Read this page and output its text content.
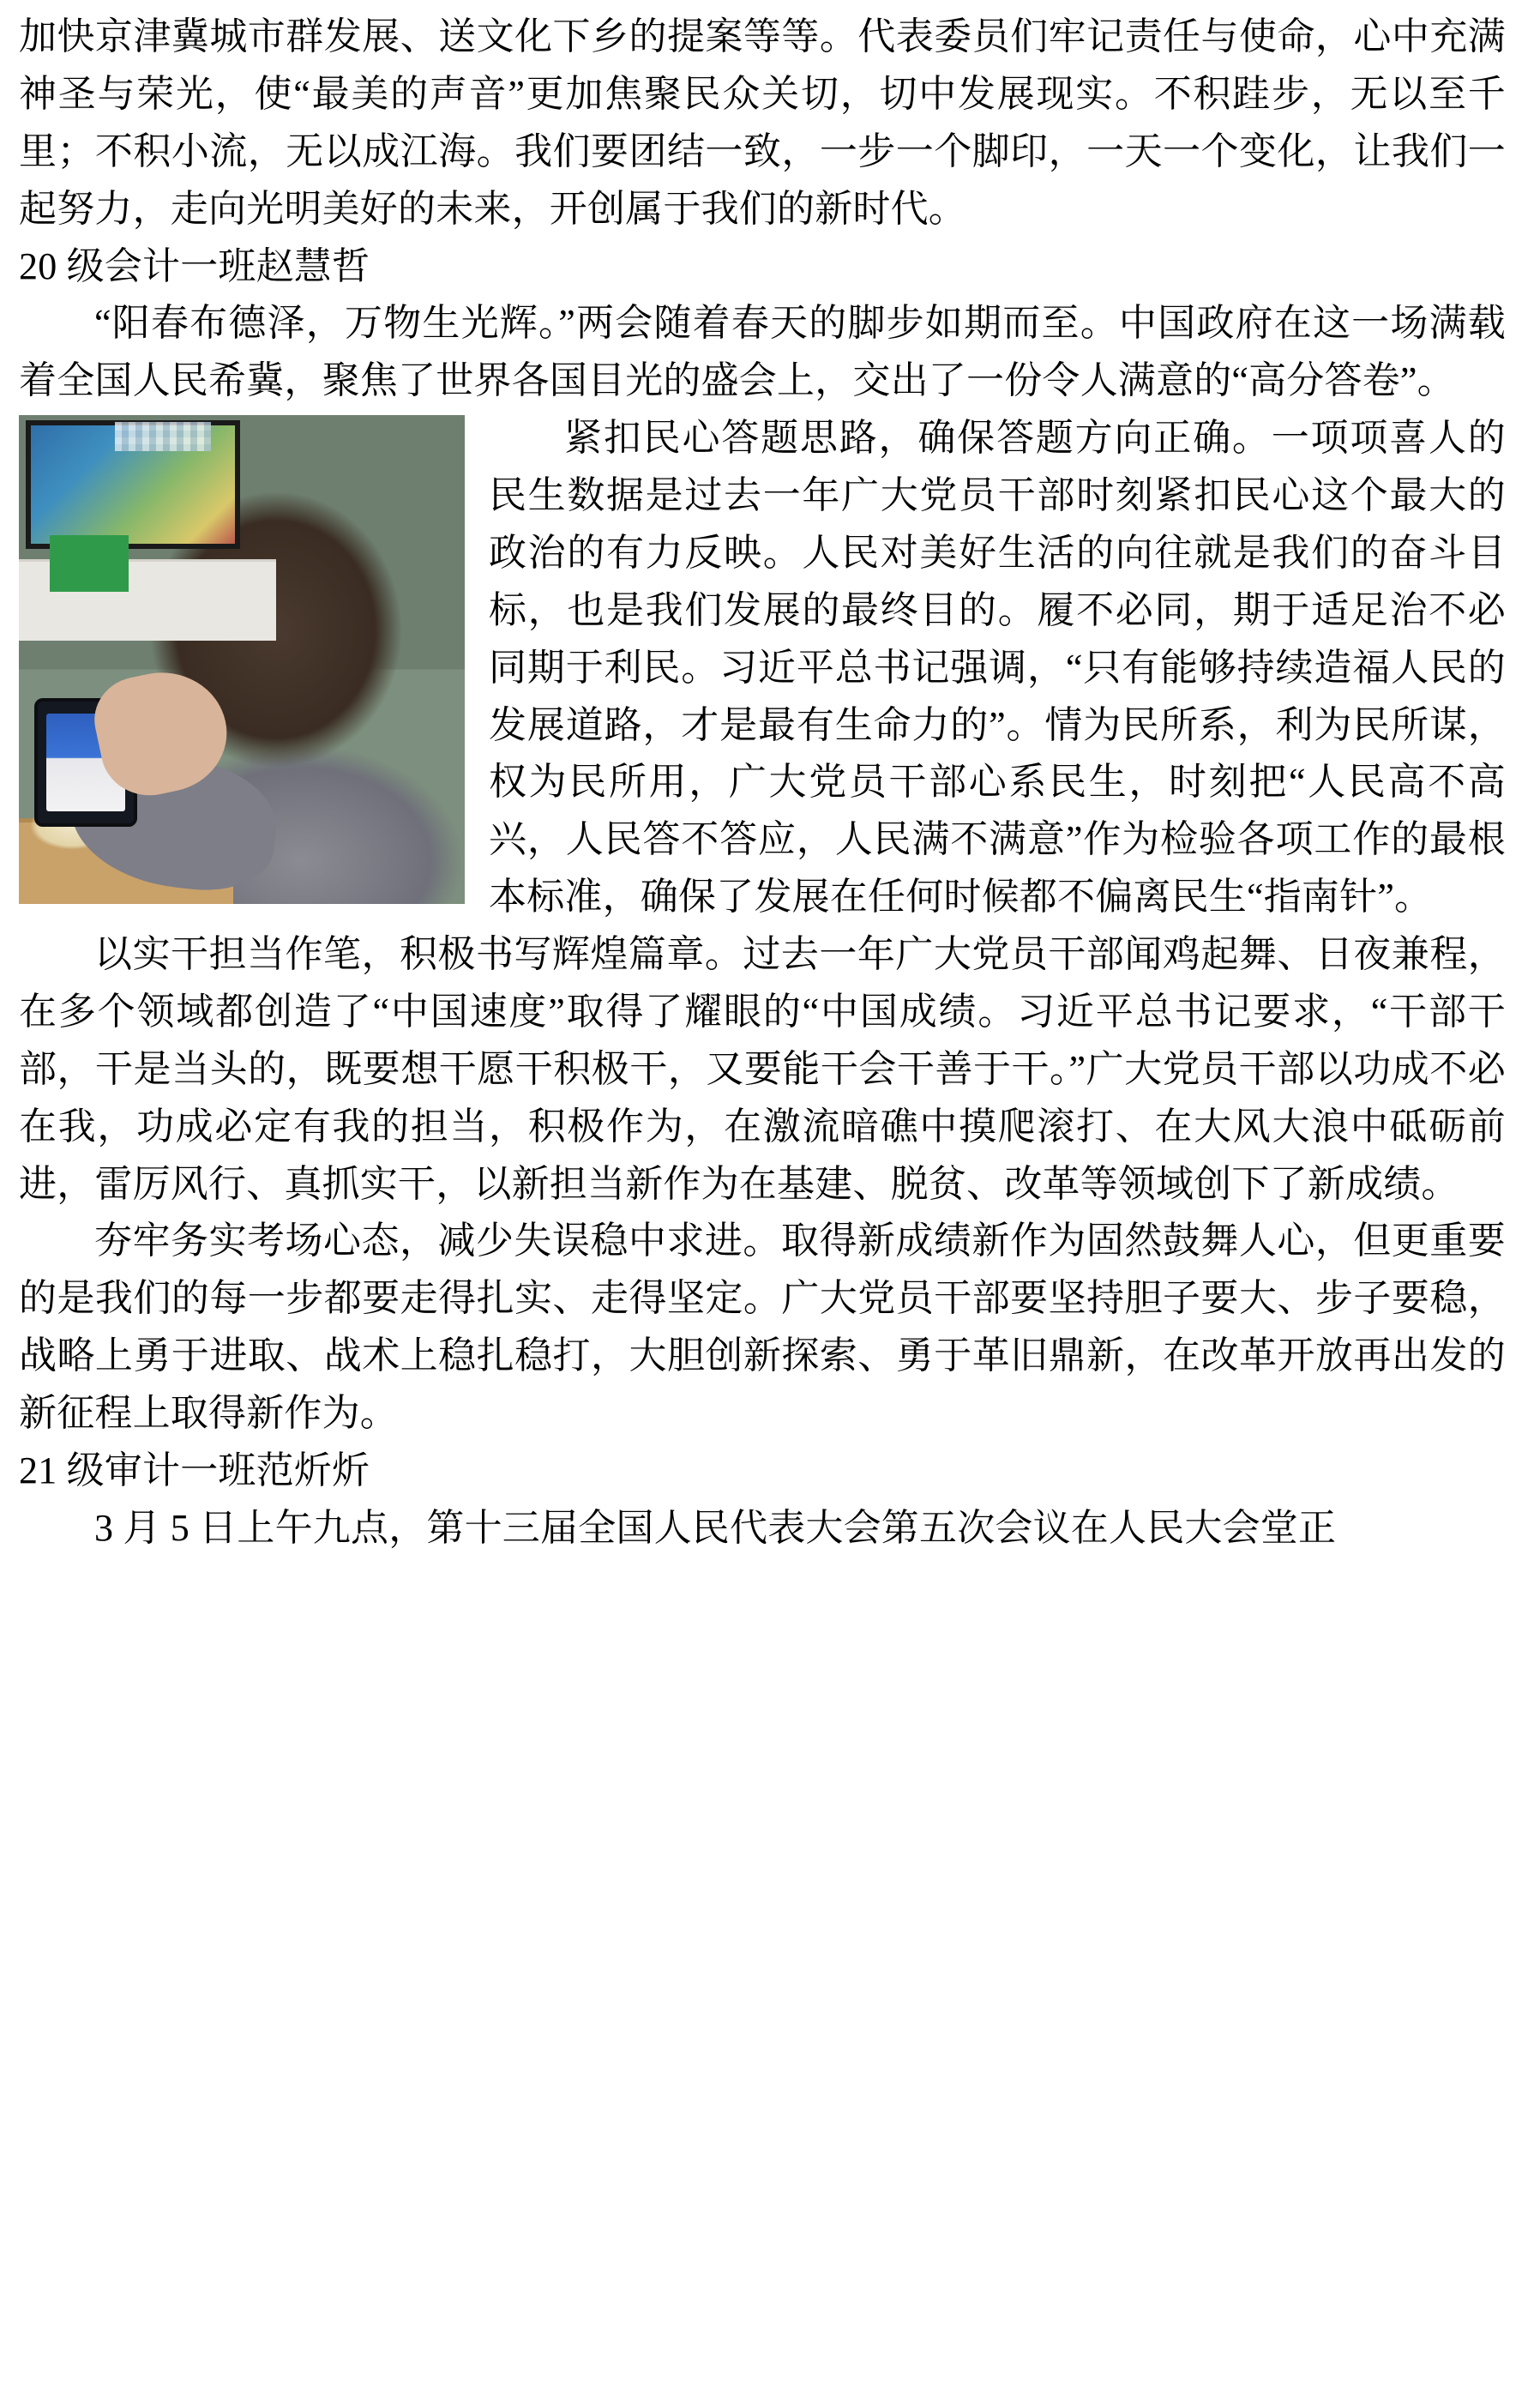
加快京津冀城市群发展、送文化下乡的提案等等。代表委员们牢记责任与使命，心中充满神圣与荣光，使“最美的声音”更加焦聚民众关切，切中发展现实。不积跬步，无以至千里；不积小流，无以成江海。我们要团结一致，一步一个脚印，一天一个变化，让我们一起努力，走向光明美好的未来，开创属于我们的新时代。

20 级会计一班赵慧哲

“阳春布德泽，万物生光辉。”两会随着春天的脚步如期而至。中国政府在这一场满载着全国人民希冀，聚焦了世界各国目光的盛会上，交出了一份令人满意的“高分答卷”。

紧扣民心答题思路，确保答题方向正确。一项项喜人的民生数据是过去一年广大党员干部时刻紧扣民心这个最大的政治的有力反映。人民对美好生活的向往就是我们的奋斗目标，也是我们发展的最终目的。履不必同，期于适足治不必同期于利民。习近平总书记强调，“只有能够持续造福人民的发展道路，才是最有生命力的”。情为民所系，利为民所谋，权为民所用，广大党员干部心系民生，时刻把“人民高不高兴，人民答不答应，人民满不满意”作为检验各项工作的最根本标准，确保了发展在任何时候都不偏离民生“指南针”。

以实干担当作笔，积极书写辉煌篇章。过去一年广大党员干部闻鸡起舞、日夜兼程，在多个领域都创造了“中国速度”取得了耀眼的“中国成绩。习近平总书记要求，“干部干部，干是当头的，既要想干愿干积极干，又要能干会干善于干。”广大党员干部以功成不必在我，功成必定有我的担当，积极作为，在激流暗礁中摸爬滚打、在大风大浪中砥砺前进，雷厉风行、真抓实干，以新担当新作为在基建、脱贫、改革等领域创下了新成绩。

夯牢务实考场心态，减少失误稳中求进。取得新成绩新作为固然鼓舞人心，但更重要的是我们的每一步都要走得扎实、走得坚定。广大党员干部要坚持胆子要大、步子要稳，战略上勇于进取、战术上稳扎稳打，大胆创新探索、勇于革旧鼎新，在改革开放再出发的新征程上取得新作为。

21 级审计一班范炘炘

3 月 5 日上午九点，第十三届全国人民代表大会第五次会议在人民大会堂正
